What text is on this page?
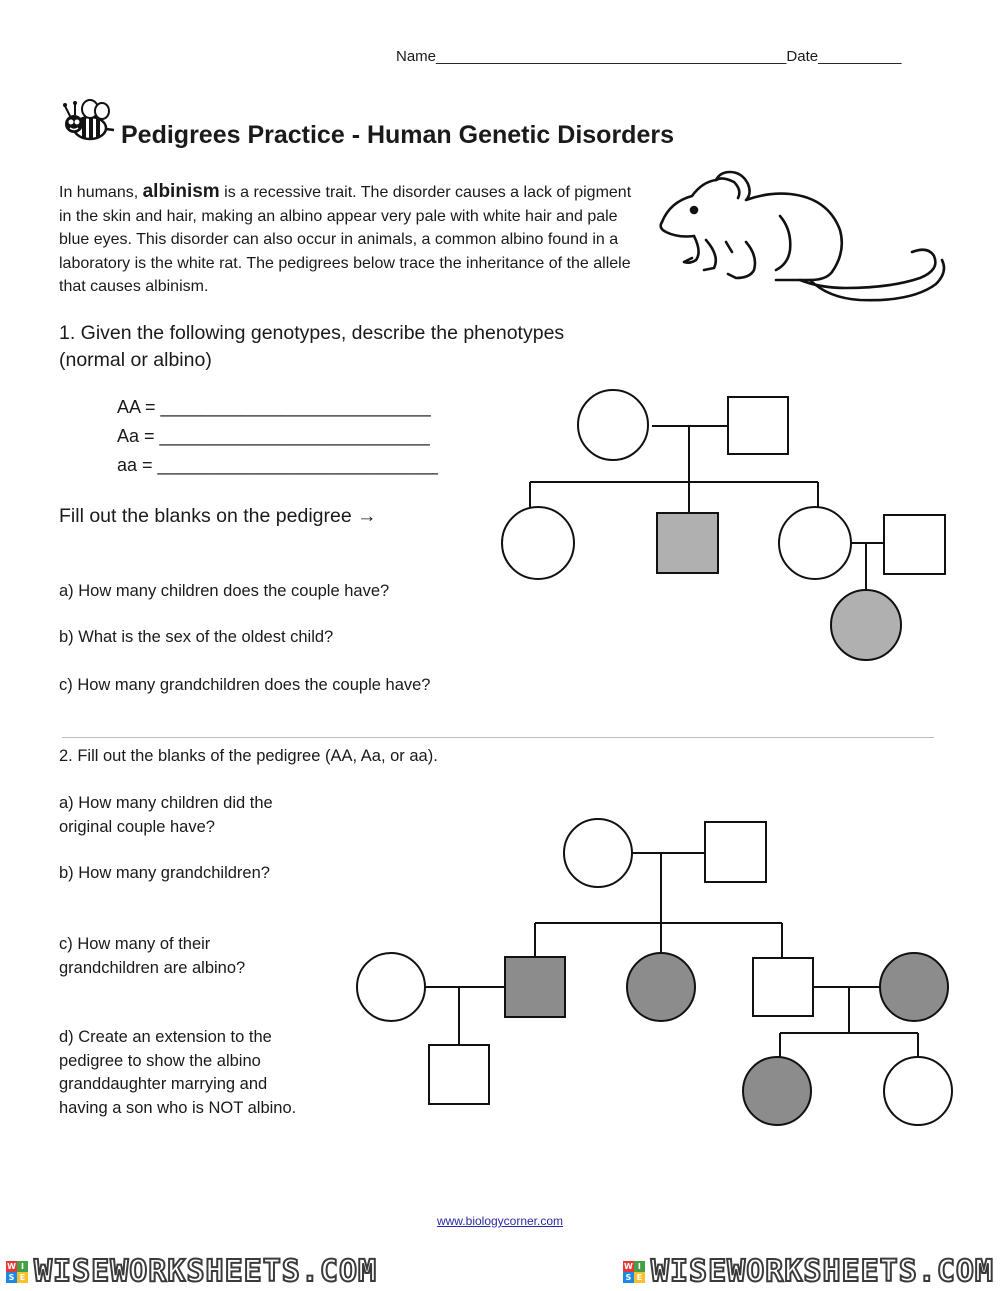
Name__________________________________________Date__________
Pedigrees Practice - Human Genetic Disorders
In humans, albinism is a recessive trait. The disorder causes a lack of pigment in the skin and hair, making an albino appear very pale with white hair and pale blue eyes. This disorder can also occur in animals, a common albino found in a laboratory is the white rat. The pedigrees below trace the inheritance of the allele that causes albinism.
1. Given the following genotypes, describe the phenotypes (normal or albino)
AA = ___________________________
Aa = ___________________________
aa = ____________________________
Fill out the blanks on the pedigree →
a) How many children does the couple have?
b) What is the sex of the oldest child?
c) How many grandchildren does the couple have?
2. Fill out the blanks of the pedigree (AA, Aa, or aa).
a) How many children did the original couple have?
b) How many grandchildren?
c) How many of their grandchildren are albino?
d) Create an extension to the pedigree to show the albino granddaughter marrying and having a son who is NOT albino.
www.biologycorner.com
W I
S E WISEWORKSHEETS.COM	W I
S E WISEWORKSHEETS.COM
